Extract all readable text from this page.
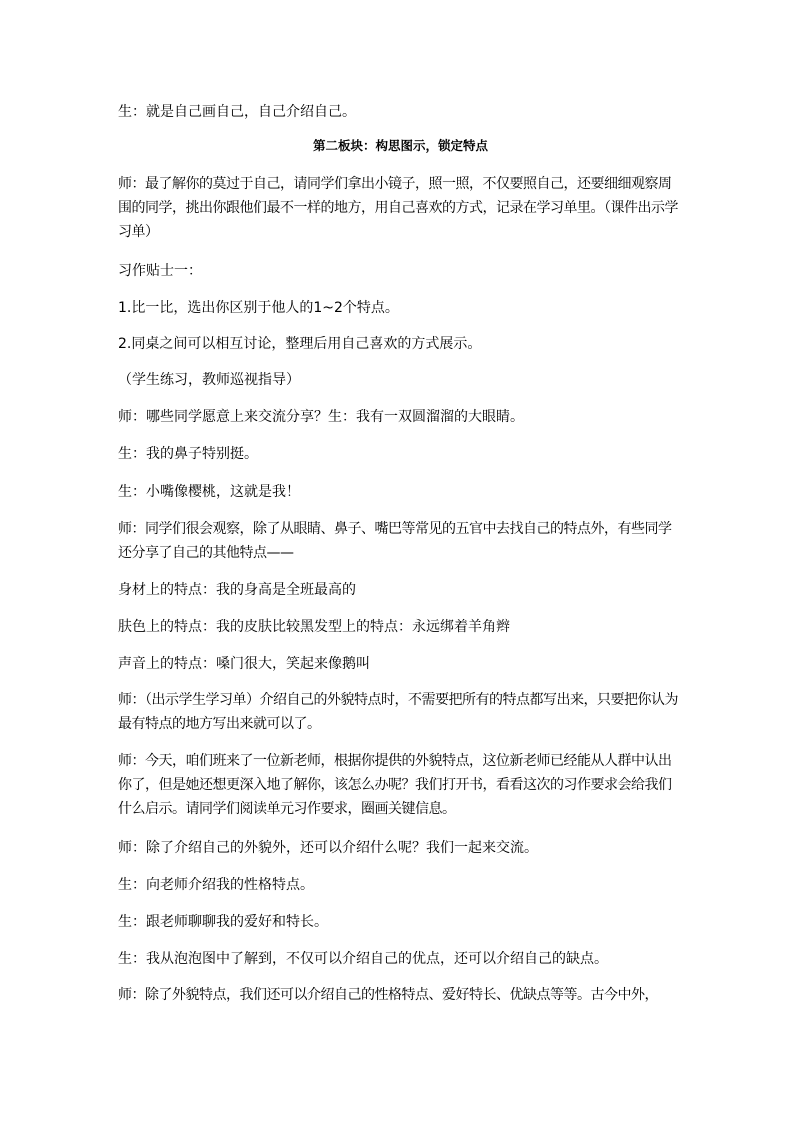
生：就是自己画自己，自己介绍自己。

第二板块：构思图示，锁定特点

师：最了解你的莫过于自己，请同学们拿出小镜子，照一照，不仅要照自己，还要细细观察周围的同学，挑出你跟他们最不一样的地方，用自己喜欢的方式，记录在学习单里。（课件出示学习单）

习作贴士一：

1.比一比，选出你区别于他人的1~2个特点。

2.同桌之间可以相互讨论，整理后用自己喜欢的方式展示。

（学生练习，教师巡视指导）

师：哪些同学愿意上来交流分享？生：我有一双圆溜溜的大眼睛。

生：我的鼻子特别挺。

生：小嘴像樱桃，这就是我！

师：同学们很会观察，除了从眼睛、鼻子、嘴巴等常见的五官中去找自己的特点外，有些同学还分享了自己的其他特点——

身材上的特点：我的身高是全班最高的

肤色上的特点：我的皮肤比较黑发型上的特点：永远绑着羊角辫

声音上的特点：嗓门很大，笑起来像鹅叫

师：（出示学生学习单）介绍自己的外貌特点时，不需要把所有的特点都写出来，只要把你认为最有特点的地方写出来就可以了。

师：今天，咱们班来了一位新老师，根据你提供的外貌特点，这位新老师已经能从人群中认出你了，但是她还想更深入地了解你，该怎么办呢？我们打开书，看看这次的习作要求会给我们什么启示。请同学们阅读单元习作要求，圈画关键信息。

师：除了介绍自己的外貌外，还可以介绍什么呢？我们一起来交流。

生：向老师介绍我的性格特点。

生：跟老师聊聊我的爱好和特长。

生：我从泡泡图中了解到，不仅可以介绍自己的优点，还可以介绍自己的缺点。

师：除了外貌特点，我们还可以介绍自己的性格特点、爱好特长、优缺点等等。古今中外，
